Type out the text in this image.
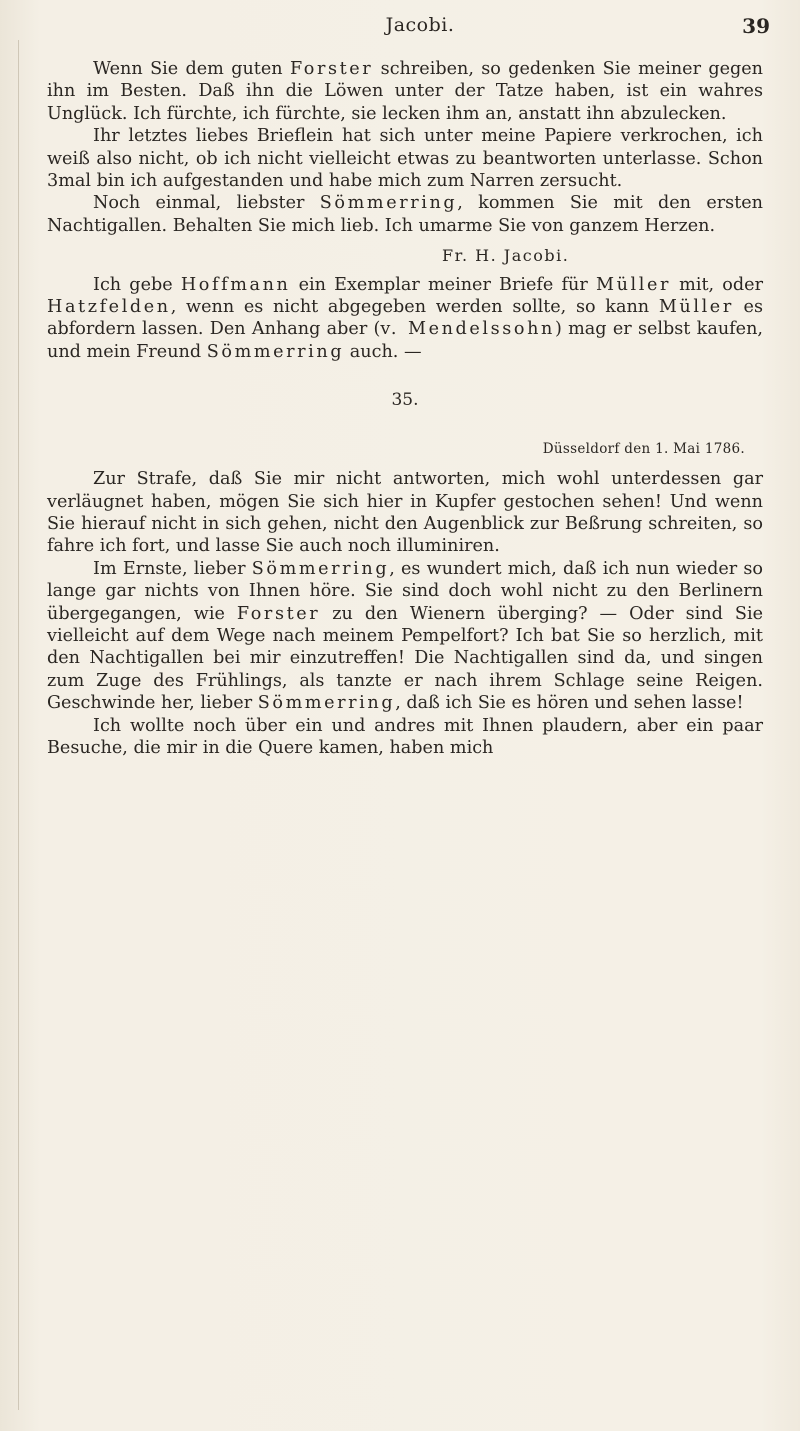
Jacobi.	39

Wenn Sie dem guten Forster schreiben, so gedenken Sie meiner gegen ihn im Besten. Daß ihn die Löwen unter der Tatze haben, ist ein wahres Unglück. Ich fürchte, ich fürchte, sie lecken ihm an, anstatt ihn abzulecken.

Ihr letztes liebes Brieflein hat sich unter meine Papiere verkrochen, ich weiß also nicht, ob ich nicht vielleicht etwas zu beantworten unterlasse. Schon 3mal bin ich aufgestanden und habe mich zum Narren zersucht.

Noch einmal, liebster Sömmerring, kommen Sie mit den ersten Nachtigallen. Behalten Sie mich lieb. Ich umarme Sie von ganzem Herzen.

Fr. H. Jacobi.

Ich gebe Hoffmann ein Exemplar meiner Briefe für Müller mit, oder Hatzfelden, wenn es nicht abgegeben werden sollte, so kann Müller es abfordern lassen. Den Anhang aber (v. Mendelssohn) mag er selbst kaufen, und mein Freund Sömmerring auch. —

35.
Düsseldorf den 1. Mai 1786.

Zur Strafe, daß Sie mir nicht antworten, mich wohl unterdessen gar verläugnet haben, mögen Sie sich hier in Kupfer gestochen sehen! Und wenn Sie hierauf nicht in sich gehen, nicht den Augenblick zur Beßrung schreiten, so fahre ich fort, und lasse Sie auch noch illuminiren.

Im Ernste, lieber Sömmerring, es wundert mich, daß ich nun wieder so lange gar nichts von Ihnen höre. Sie sind doch wohl nicht zu den Berlinern übergegangen, wie Forster zu den Wienern überging? — Oder sind Sie vielleicht auf dem Wege nach meinem Pempelfort? Ich bat Sie so herzlich, mit den Nachtigallen bei mir einzutreffen! Die Nachtigallen sind da, und singen zum Zuge des Frühlings, als tanzte er nach ihrem Schlage seine Reigen. Geschwinde her, lieber Sömmerring, daß ich Sie es hören und sehen lasse!

Ich wollte noch über ein und andres mit Ihnen plaudern, aber ein paar Besuche, die mir in die Quere kamen, haben mich
